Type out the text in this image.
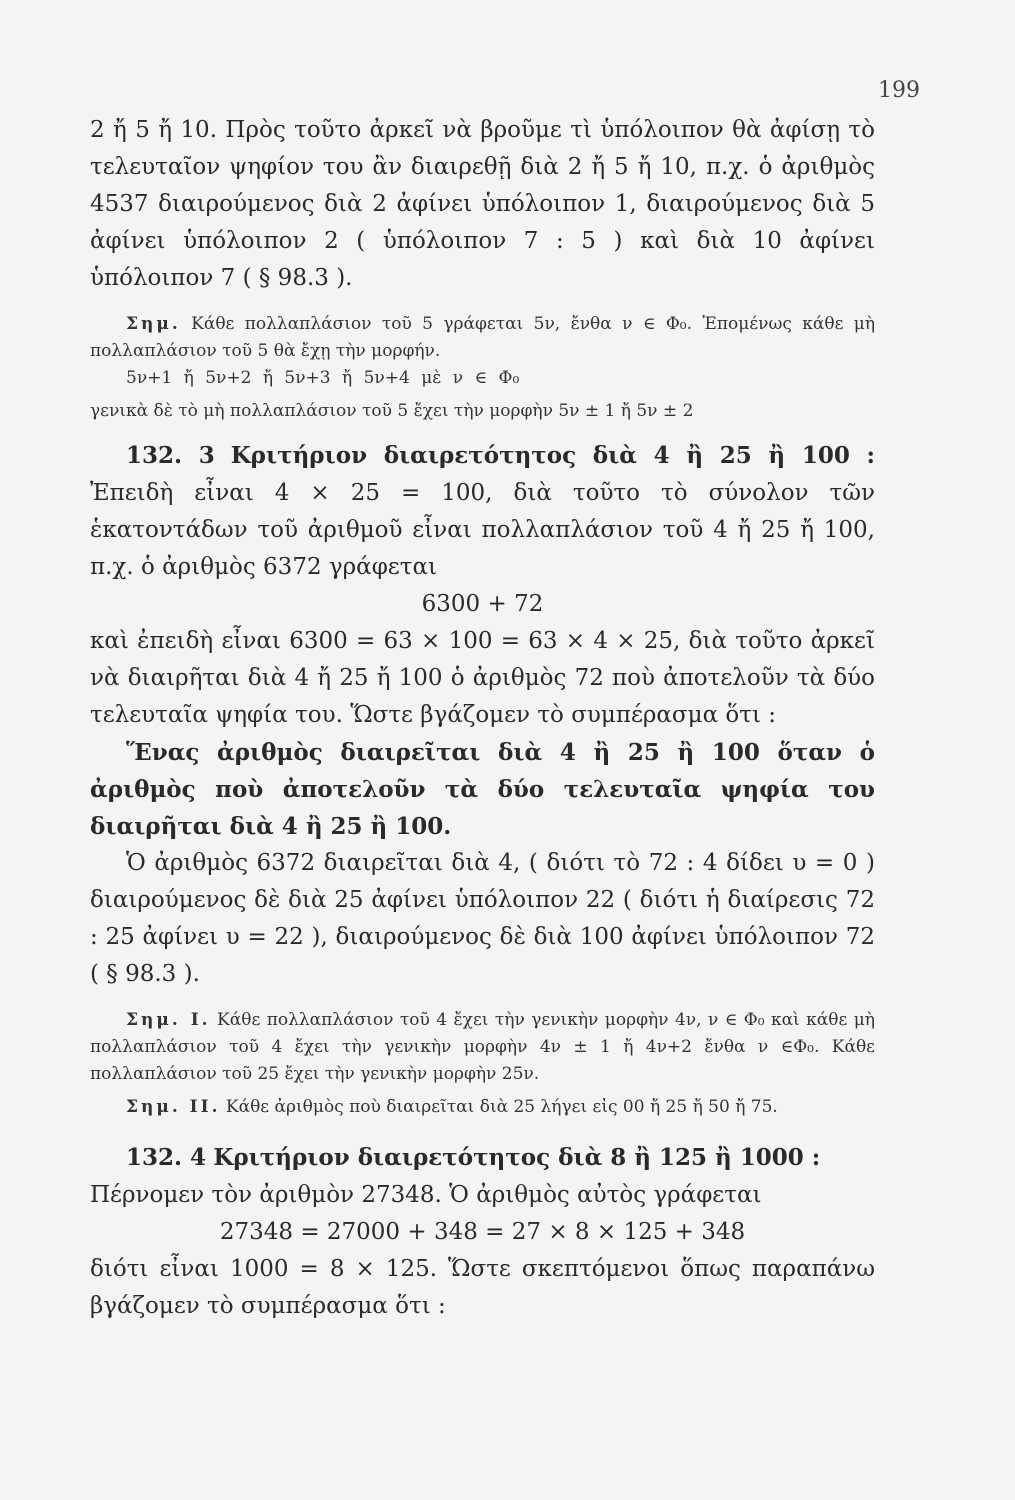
199

2 ἤ 5 ἤ 10. Πρὸς τοῦτο ἀρκεῖ νὰ βροῦμε τὶ ὑπόλοιπον θὰ ἀφίσῃ τὸ τελευταῖον ψηφίον του ἂν διαιρεθῇ διὰ 2 ἤ 5 ἤ 10, π.χ. ὁ ἀριθμὸς 4537 διαιρούμενος διὰ 2 ἀφίνει ὑπόλοιπον 1, διαιρούμενος διὰ 5 ἀφίνει ὑπόλοιπον 2 ( ὑπόλοιπον 7 : 5 ) καὶ διὰ 10 ἀφίνει ὑπόλοιπον 7 ( § 98.3 ).

Σημ. Κάθε πολλαπλάσιον τοῦ 5 γράφεται 5ν, ἔνθα ν ∈ Φ₀. Ἐπομένως κάθε μὴ πολλαπλάσιον τοῦ 5 θὰ ἔχῃ τὴν μορφήν.

5ν+1 ἤ 5ν+2 ἤ 5ν+3 ἤ 5ν+4 μὲ ν ∈ Φ₀

γενικὰ δὲ τὸ μὴ πολλαπλάσιον τοῦ 5 ἔχει τὴν μορφὴν 5ν ± 1 ἤ 5ν ± 2

132. 3 Κριτήριον διαιρετότητος διὰ 4 ἢ 25 ἢ 100 : Ἐπειδὴ εἶναι 4 × 25 = 100, διὰ τοῦτο τὸ σύνολον τῶν ἑκατοντάδων τοῦ ἀριθμοῦ εἶναι πολλαπλάσιον τοῦ 4 ἤ 25 ἤ 100, π.χ. ὁ ἀριθμὸς 6372 γράφεται

6300 + 72

καὶ ἐπειδὴ εἶναι 6300 = 63 × 100 = 63 × 4 × 25, διὰ τοῦτο ἀρκεῖ νὰ διαιρῆται διὰ 4 ἤ 25 ἤ 100 ὁ ἀριθμὸς 72 ποὺ ἀποτελοῦν τὰ δύο τελευταῖα ψηφία του. Ὥστε βγάζομεν τὸ συμπέρασμα ὅτι :

Ἕνας ἀριθμὸς διαιρεῖται διὰ 4 ἢ 25 ἢ 100 ὅταν ὁ ἀριθμὸς ποὺ ἀποτελοῦν τὰ δύο τελευταῖα ψηφία του διαιρῆται διὰ 4 ἢ 25 ἢ 100.

Ὁ ἀριθμὸς 6372 διαιρεῖται διὰ 4, ( διότι τὸ 72 : 4 δίδει υ = 0 ) διαιρούμενος δὲ διὰ 25 ἀφίνει ὑπόλοιπον 22 ( διότι ἡ διαίρεσις 72 : 25 ἀφίνει υ = 22 ), διαιρούμενος δὲ διὰ 100 ἀφίνει ὑπόλοιπον 72 ( § 98.3 ).

Σημ. Ι. Κάθε πολλαπλάσιον τοῦ 4 ἔχει τὴν γενικὴν μορφὴν 4ν, ν ∈ Φ₀ καὶ κάθε μὴ πολλαπλάσιον τοῦ 4 ἔχει τὴν γενικὴν μορφὴν 4ν ± 1 ἤ 4ν+2 ἔνθα ν ∈Φ₀. Κάθε πολλαπλάσιον τοῦ 25 ἔχει τὴν γενικὴν μορφὴν 25ν.

Σημ. ΙΙ. Κάθε ἀριθμὸς ποὺ διαιρεῖται διὰ 25 λήγει εἰς 00 ἤ 25 ἤ 50 ἤ 75.

132. 4 Κριτήριον διαιρετότητος διὰ 8 ἢ 125 ἢ 1000 :

Πέρνομεν τὸν ἀριθμὸν 27348. Ὁ ἀριθμὸς αὐτὸς γράφεται

27348 = 27000 + 348 = 27 × 8 × 125 + 348

διότι εἶναι 1000 = 8 × 125. Ὥστε σκεπτόμενοι ὅπως παραπάνω βγάζομεν τὸ συμπέρασμα ὅτι :
